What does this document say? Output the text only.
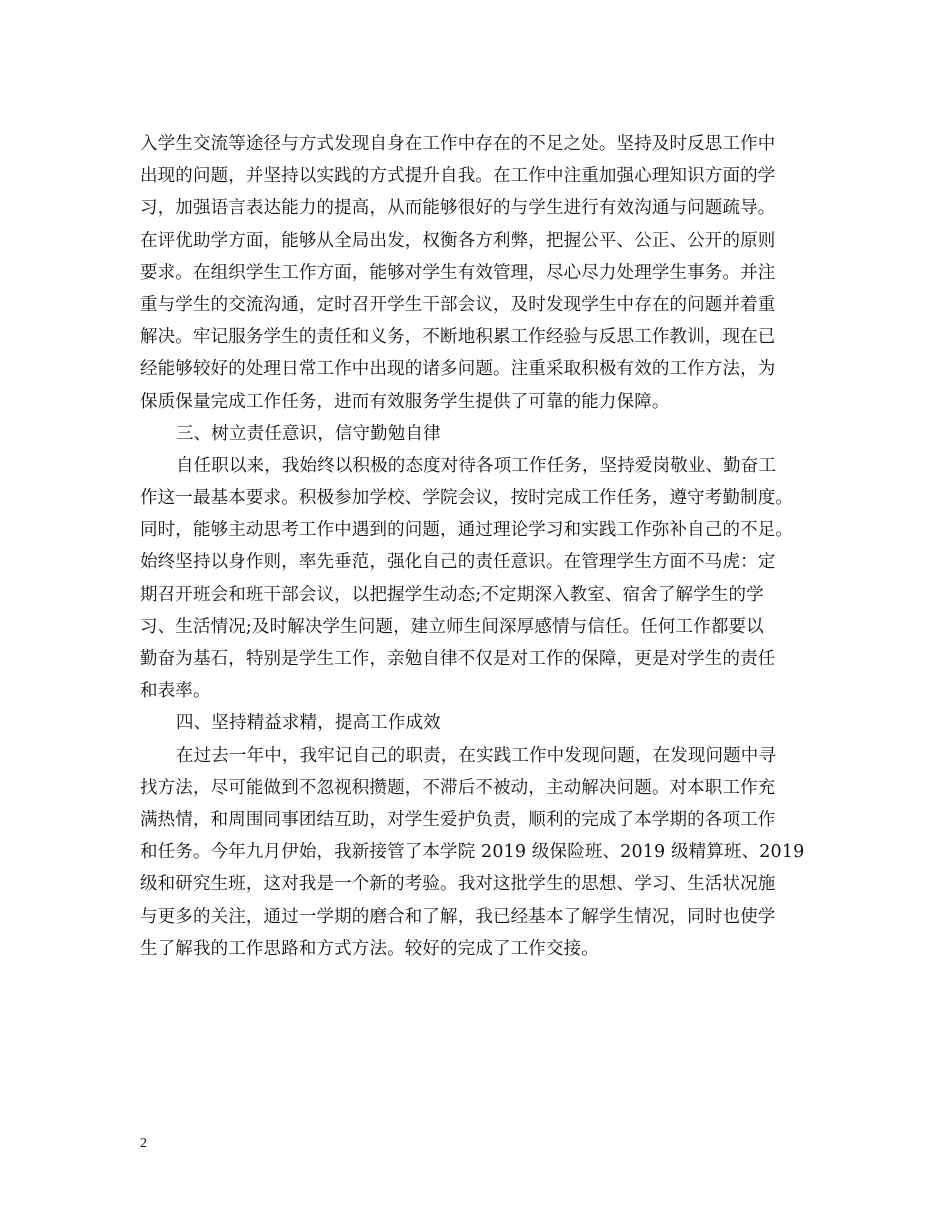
入学生交流等途径与方式发现自身在工作中存在的不足之处。坚持及时反思工作中
出现的问题，并坚持以实践的方式提升自我。在工作中注重加强心理知识方面的学
习，加强语言表达能力的提高，从而能够很好的与学生进行有效沟通与问题疏导。
在评优助学方面，能够从全局出发，权衡各方利弊，把握公平、公正、公开的原则
要求。在组织学生工作方面，能够对学生有效管理，尽心尽力处理学生事务。并注
重与学生的交流沟通，定时召开学生干部会议，及时发现学生中存在的问题并着重
解决。牢记服务学生的责任和义务，不断地积累工作经验与反思工作教训，现在已
经能够较好的处理日常工作中出现的诸多问题。注重采取积极有效的工作方法，为
保质保量完成工作任务，进而有效服务学生提供了可靠的能力保障。
三、树立责任意识，信守勤勉自律
自任职以来，我始终以积极的态度对待各项工作任务，坚持爱岗敬业、勤奋工
作这一最基本要求。积极参加学校、学院会议，按时完成工作任务，遵守考勤制度。
同时，能够主动思考工作中遇到的问题，通过理论学习和实践工作弥补自己的不足。
始终坚持以身作则，率先垂范，强化自己的责任意识。在管理学生方面不马虎：定
期召开班会和班干部会议，以把握学生动态;不定期深入教室、宿舍了解学生的学
习、生活情况;及时解决学生问题，建立师生间深厚感情与信任。任何工作都要以
勤奋为基石，特别是学生工作，亲勉自律不仅是对工作的保障，更是对学生的责任
和表率。
四、坚持精益求精，提高工作成效
在过去一年中，我牢记自己的职责，在实践工作中发现问题，在发现问题中寻
找方法，尽可能做到不忽视积攒题，不滞后不被动，主动解决问题。对本职工作充
满热情，和周围同事团结互助，对学生爱护负责，顺利的完成了本学期的各项工作
和任务。今年九月伊始，我新接管了本学院 2019 级保险班、2019 级精算班、2019
级和研究生班，这对我是一个新的考验。我对这批学生的思想、学习、生活状况施
与更多的关注，通过一学期的磨合和了解，我已经基本了解学生情况，同时也使学
生了解我的工作思路和方式方法。较好的完成了工作交接。
2
